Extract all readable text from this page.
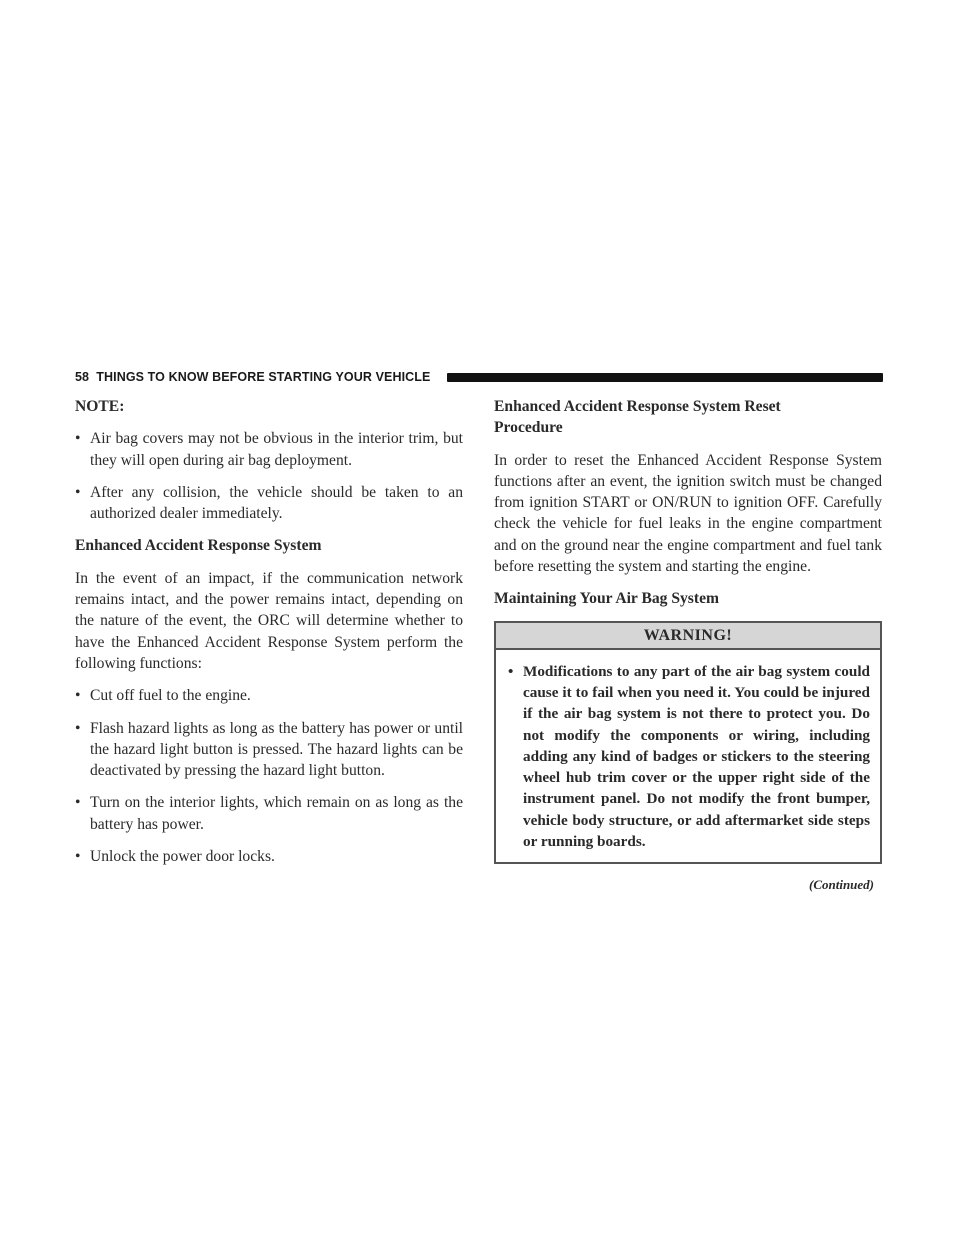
58 THINGS TO KNOW BEFORE STARTING YOUR VEHICLE
NOTE:
• Air bag covers may not be obvious in the interior trim, but they will open during air bag deployment.
• After any collision, the vehicle should be taken to an authorized dealer immediately.
Enhanced Accident Response System

In the event of an impact, if the communication network remains intact, and the power remains intact, depending on the nature of the event, the ORC will determine whether to have the Enhanced Accident Response System perform the following functions:

• Cut off fuel to the engine.
• Flash hazard lights as long as the battery has power or until the hazard light button is pressed. The hazard lights can be deactivated by pressing the hazard light button.
• Turn on the interior lights, which remain on as long as the battery has power.
• Unlock the power door locks.
Enhanced Accident Response System Reset
Procedure

In order to reset the Enhanced Accident Response System functions after an event, the ignition switch must be changed from ignition START or ON/RUN to ignition OFF. Carefully check the vehicle for fuel leaks in the engine compartment and on the ground near the engine compartment and fuel tank before resetting the system and starting the engine.

Maintaining Your Air Bag System
WARNING!
• Modifications to any part of the air bag system could cause it to fail when you need it. You could be injured if the air bag system is not there to protect you. Do not modify the components or wiring, including adding any kind of badges or stickers to the steering wheel hub trim cover or the upper right side of the instrument panel. Do not modify the front bumper, vehicle body structure, or add aftermarket side steps or running boards.
(Continued)
